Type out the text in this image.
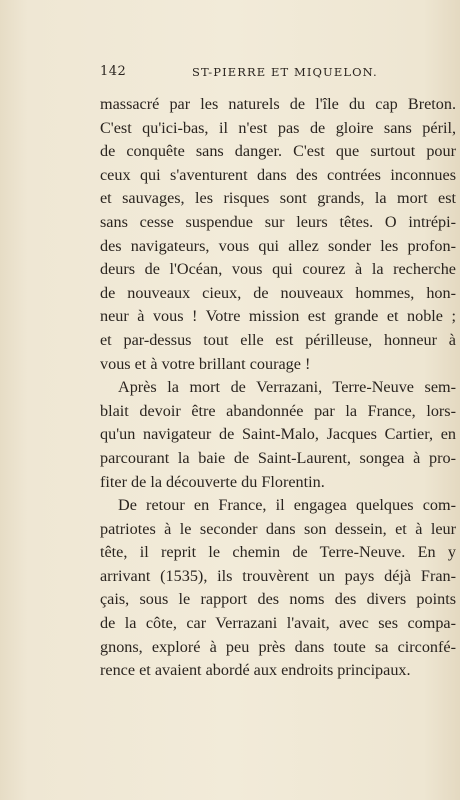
142	ST-PIERRE ET MIQUELON.
massacré par les naturels de l'île du cap Breton.
C'est qu'ici-bas, il n'est pas de gloire sans péril,
de conquête sans danger. C'est que surtout pour
ceux qui s'aventurent dans des contrées inconnues
et sauvages, les risques sont grands, la mort est
sans cesse suspendue sur leurs têtes. O intrépi-
des navigateurs, vous qui allez sonder les profon-
deurs de l'Océan, vous qui courez à la recherche
de nouveaux cieux, de nouveaux hommes, hon-
neur à vous ! Votre mission est grande et noble ;
et par-dessus tout elle est périlleuse, honneur à
vous et à votre brillant courage !
Après la mort de Verrazani, Terre-Neuve sem-
blait devoir être abandonnée par la France, lors-
qu'un navigateur de Saint-Malo, Jacques Cartier, en
parcourant la baie de Saint-Laurent, songea à pro-
fiter de la découverte du Florentin.
De retour en France, il engagea quelques com-
patriotes à le seconder dans son dessein, et à leur
tête, il reprit le chemin de Terre-Neuve. En y
arrivant (1535), ils trouvèrent un pays déjà Fran-
çais, sous le rapport des noms des divers points
de la côte, car Verrazani l'avait, avec ses compa-
gnons, exploré à peu près dans toute sa circonfé-
rence et avaient abordé aux endroits principaux.
